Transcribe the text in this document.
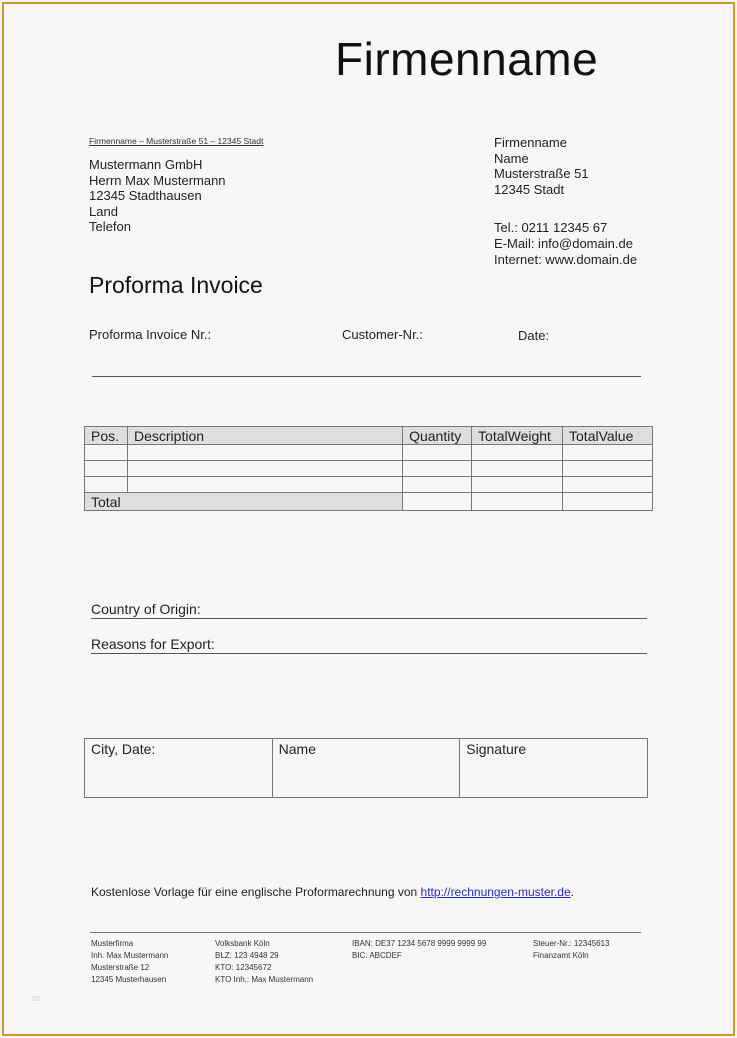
Firmenname
Firmenname – Musterstraße 51 – 12345 Stadt
Mustermann GmbH
Herrn Max Mustermann
12345 Stadthausen
Land
Telefon
Firmenname
Name
Musterstraße 51
12345 Stadt
Tel.: 0211 12345 67
E-Mail: info@domain.de
Internet: www.domain.de
Proforma Invoice
Proforma Invoice Nr.:	Customer-Nr.:	Date:
Pos.	Description	Quantity	TotalWeight	TotalValue

Total				
Country of Origin:
Reasons for Export:
City, Date:	Name	Signature
Kostenlose Vorlage für eine englische Proformarechnung von http://rechnungen-muster.de.
Musterfirma
Inh. Max Mustermann
Musterstraße 12
12345 Musterhausen
Volksbank Köln
BLZ: 123 4948 29
KTO: 12345672
KTO Inh.: Max Mustermann
IBAN: DE37 1234 5678 9999 9999 99
BIC: ABCDEF
Steuer-Nr.: 12345613
Finanzamt Köln
20
